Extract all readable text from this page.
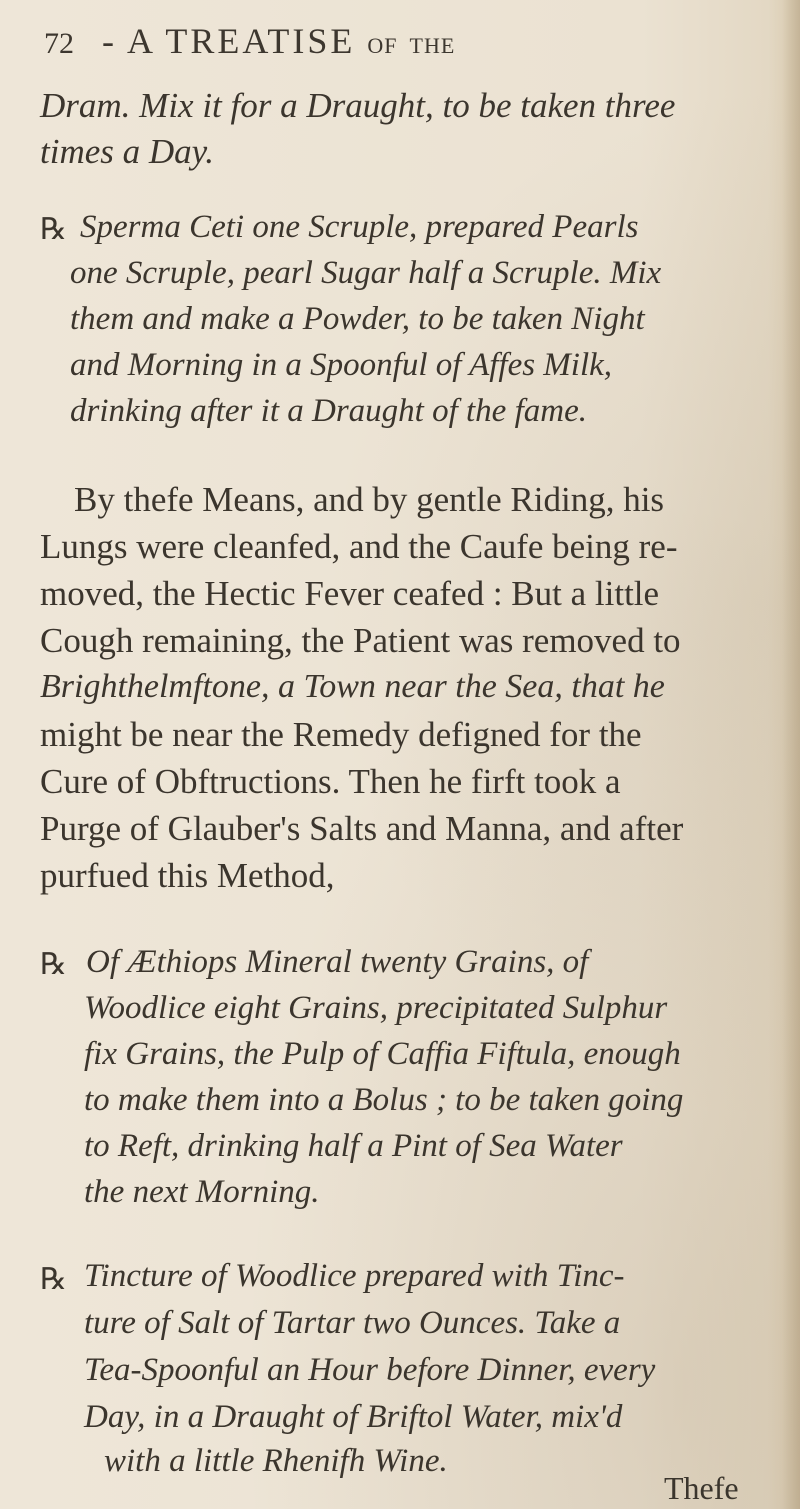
72 - A TREATISE OF THE
Dram. Mix it for a Draught, to be taken three
times a Day.
℞ Sperma Ceti one Scruple, prepared Pearls
one Scruple, pearl Sugar half a Scruple. Mix
them and make a Powder, to be taken Night
and Morning in a Spoonful of Affes Milk,
drinking after it a Draught of the fame.
By thefe Means, and by gentle Riding, his
Lungs were cleanfed, and the Caufe being re-
moved, the Hectic Fever ceafed : But a little
Cough remaining, the Patient was removed to
Brighthelmftone, a Town near the Sea, that he
might be near the Remedy defigned for the
Cure of Obftructions. Then he firft took a
Purge of Glauber's Salts and Manna, and after
purfued this Method,
℞ Of Æthiops Mineral twenty Grains, of
Woodlice eight Grains, precipitated Sulphur
fix Grains, the Pulp of Caffia Fiftula, enough
to make them into a Bolus ; to be taken going
to Reft, drinking half a Pint of Sea Water
the next Morning.
℞ Tincture of Woodlice prepared with Tinc-
ture of Salt of Tartar two Ounces. Take a
Tea-Spoonful an Hour before Dinner, every
Day, in a Draught of Briftol Water, mix'd
with a little Rhenifh Wine.
Thefe
